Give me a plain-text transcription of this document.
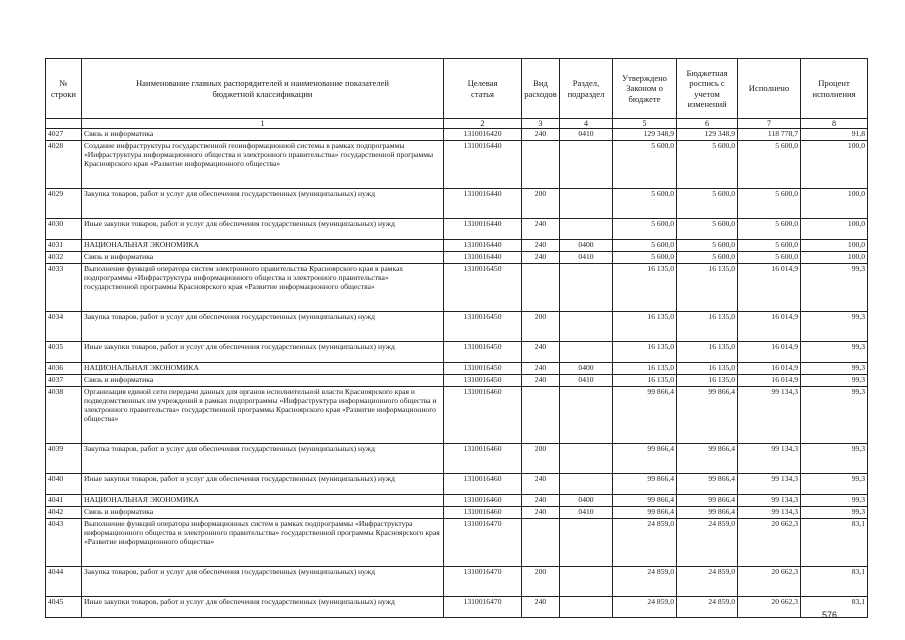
№
строки	Наименование главных распорядителей и наименование показателей бюджетной классификации	Целевая статья	Вид расходов	Раздел, подраздел	Утверждено Законом о бюджете	Бюджетная роспись с учетом изменений	Исполнено	Процент исполнения
	1	2	3	4	5	6	7	8
4027	Связь и информатика	1310016420	240	0410	129 348,9	129 348,9	118 778,7	91,8
4028	Создание инфраструктуры государственной геоинформационной системы в рамках подпрограммы «Инфраструктура информационного общества и электронного правительства» государственной программы Красноярского края «Развитие информационного общества»	1310016440			5 600,0	5 600,0	5 600,0	100,0
4029	Закупка товаров, работ и услуг для обеспечения государственных (муниципальных) нужд	1310016440	200		5 600,0	5 600,0	5 600,0	100,0
4030	Иные закупки товаров, работ и услуг для обеспечения государственных (муниципальных) нужд	1310016440	240		5 600,0	5 600,0	5 600,0	100,0
4031	НАЦИОНАЛЬНАЯ ЭКОНОМИКА	1310016440	240	0400	5 600,0	5 600,0	5 600,0	100,0
4032	Связь и информатика	1310016440	240	0410	5 600,0	5 600,0	5 600,0	100,0
4033	Выполнение функций оператора систем электронного правительства Красноярского края в рамках подпрограммы «Инфраструктура информационного общества и электронного правительства» государственной программы Красноярского края «Развитие информационного общества»	1310016450			16 135,0	16 135,0	16 014,9	99,3
4034	Закупка товаров, работ и услуг для обеспечения государственных (муниципальных) нужд	1310016450	200		16 135,0	16 135,0	16 014,9	99,3
4035	Иные закупки товаров, работ и услуг для обеспечения государственных (муниципальных) нужд	1310016450	240		16 135,0	16 135,0	16 014,9	99,3
4036	НАЦИОНАЛЬНАЯ ЭКОНОМИКА	1310016450	240	0400	16 135,0	16 135,0	16 014,9	99,3
4037	Связь и информатика	1310016450	240	0410	16 135,0	16 135,0	16 014,9	99,3
4038	Организация единой сети передачи данных для органов исполнительной власти Красноярского края и подведомственных им учреждений в рамках подпрограммы «Инфраструктура информационного общества и электронного правительства» государственной программы Красноярского края «Развитие информационного общества»	1310016460			99 866,4	99 866,4	99 134,3	99,3
4039	Закупка товаров, работ и услуг для обеспечения государственных (муниципальных) нужд	1310016460	200		99 866,4	99 866,4	99 134,3	99,3
4040	Иные закупки товаров, работ и услуг для обеспечения государственных (муниципальных) нужд	1310016460	240		99 866,4	99 866,4	99 134,3	99,3
4041	НАЦИОНАЛЬНАЯ ЭКОНОМИКА	1310016460	240	0400	99 866,4	99 866,4	99 134,3	99,3
4042	Связь и информатика	1310016460	240	0410	99 866,4	99 866,4	99 134,3	99,3
4043	Выполнение функций оператора информационных систем в рамках подпрограммы «Инфраструктура информационного общества и электронного правительства» государственной программы Красноярского края «Развитие информационного общества»	1310016470			24 859,0	24 859,0	20 662,3	83,1
4044	Закупка товаров, работ и услуг для обеспечения государственных (муниципальных) нужд	1310016470	200		24 859,0	24 859,0	20 662,3	83,1
4045	Иные закупки товаров, работ и услуг для обеспечения государственных (муниципальных) нужд	1310016470	240		24 859,0	24 859,0	20 662,3	83,1
576
